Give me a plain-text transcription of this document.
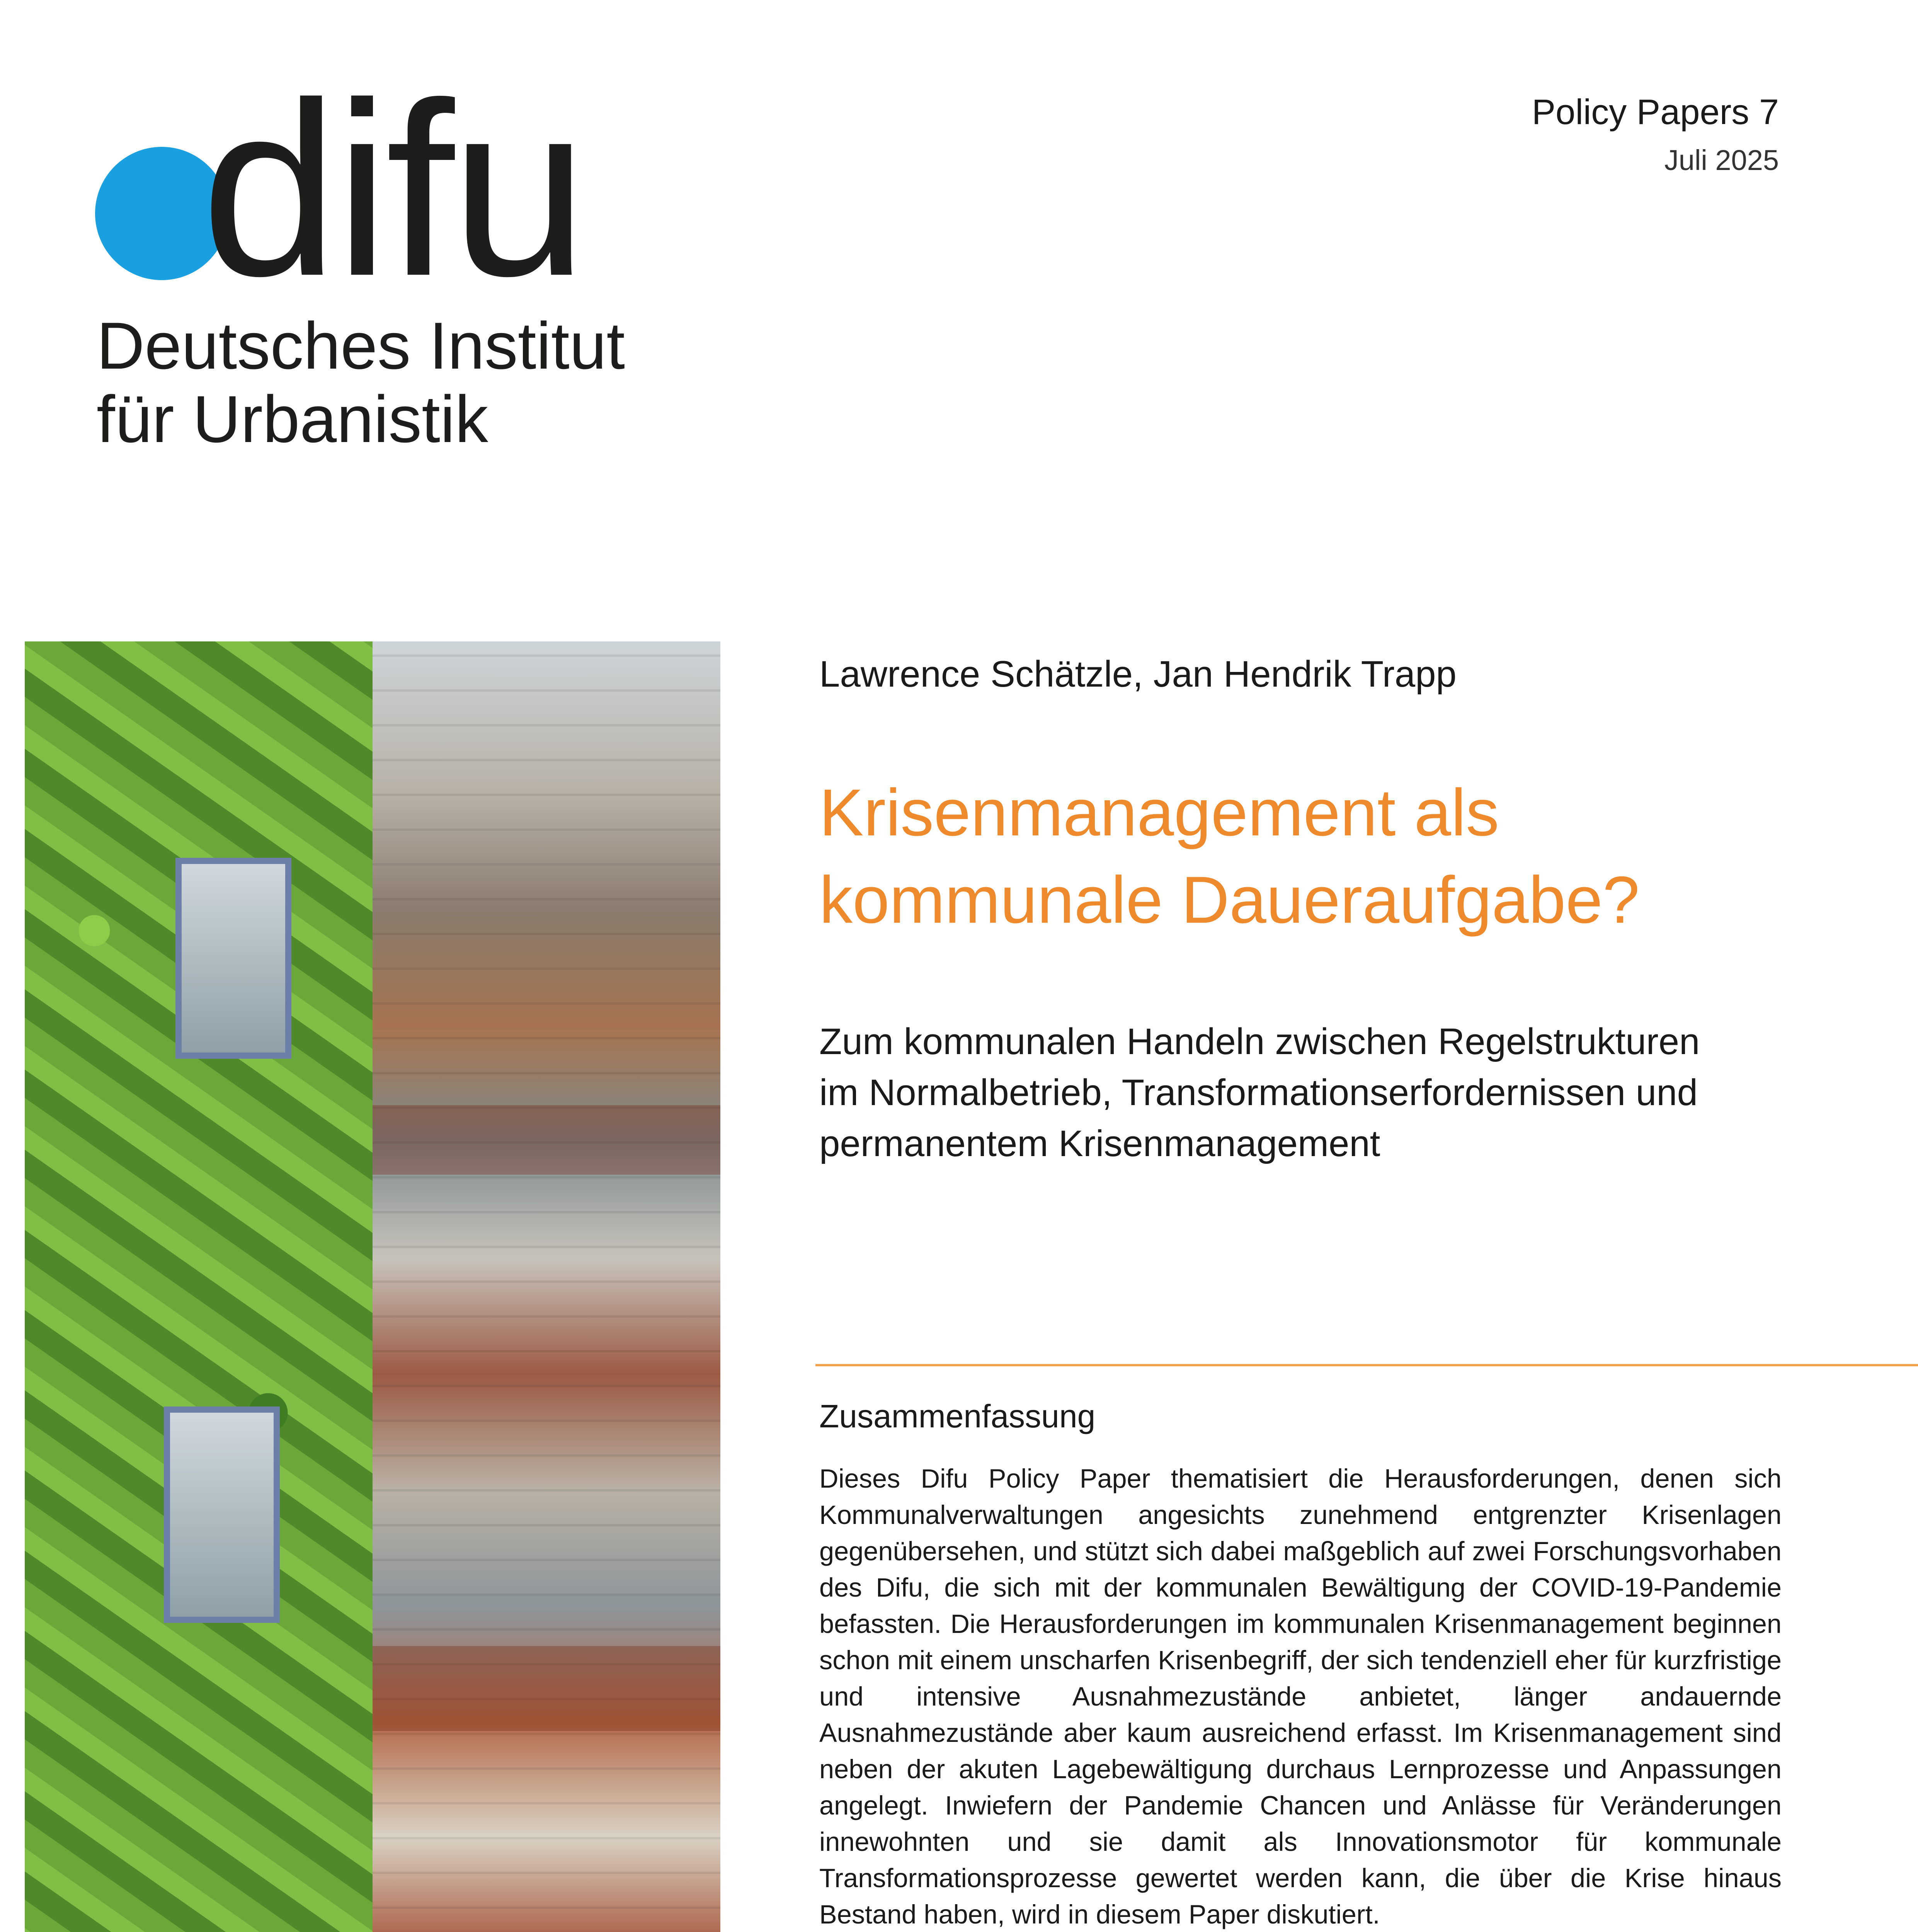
difu
Deutsches Institut
für Urbanistik
Policy Papers 7
Juli 2025
Lawrence Schätzle, Jan Hendrik Trapp
Krisenmanagement als
kommunale Daueraufgabe?
Zum kommunalen Handeln zwischen Regelstrukturen
im Normalbetrieb, Transformationserfordernissen und
permanentem Krisenmanagement
Zusammenfassung

Dieses Difu Policy Paper thematisiert die Herausforderungen, denen sich Kommunalverwaltungen angesichts zunehmend entgrenzter Krisenlagen gegenübersehen, und stützt sich dabei maßgeblich auf zwei Forschungsvorhaben des Difu, die sich mit der kommunalen Bewältigung der COVID-19-Pandemie befassten. Die Herausforderungen im kommunalen Krisenmanagement beginnen schon mit einem unscharfen Krisenbegriff, der sich tendenziell eher für kurzfristige und intensive Ausnahmezustände anbietet, länger andauernde Ausnahmezustände aber kaum ausreichend erfasst. Im Krisenmanagement sind neben der akuten Lagebewältigung durchaus Lernprozesse und Anpassungen angelegt. Inwiefern der Pandemie Chancen und Anlässe für Veränderungen innewohnten und sie damit als Innovationsmotor für kommunale Transformationsprozesse gewertet werden kann, die über die Krise hinaus Bestand haben, wird in diesem Paper diskutiert.
